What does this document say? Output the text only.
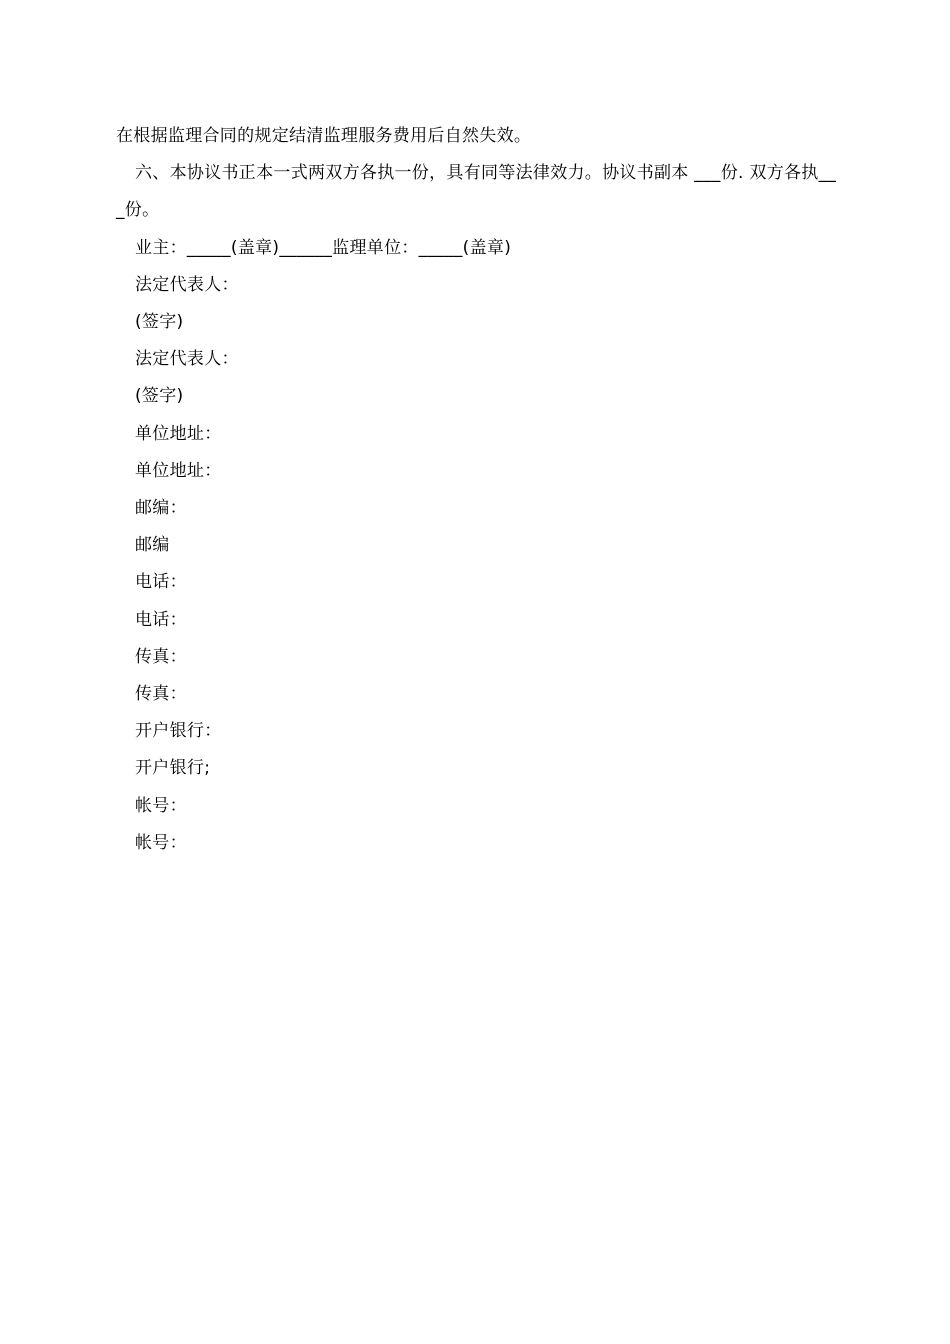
在根据监理合同的规定结清监理服务费用后自然失效。

六、本协议书正本一式两双方各执一份，具有同等法律效力。协议书副本 ___份. 双方各执___份。

业主：_____(盖章)______监理单位：_____(盖章)

法定代表人：

(签字)

法定代表人：

(签字)

单位地址：

单位地址：

邮编：

邮编

电话：

电话：

传真：

传真：

开户银行：

开户银行;

帐号：

帐号：
